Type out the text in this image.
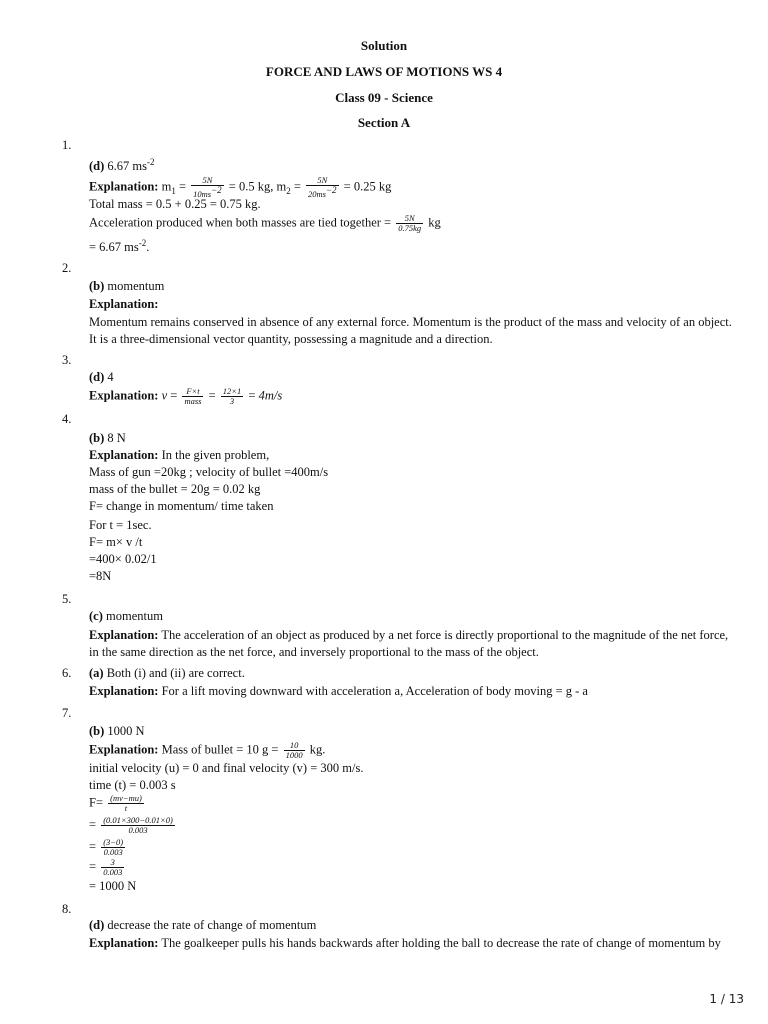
Solution
FORCE AND LAWS OF MOTIONS WS 4
Class 09 - Science
Section A
1.
(d) 6.67 $ms^{-2}$
Explanation: $m_1 = \frac{5N}{10ms^{-2}} = 0.5$ kg, $m_2 = \frac{5N}{20ms^{-2}} = 0.25$ kg
Total mass = 0.5 + 0.25 = 0.75 kg.
Acceleration produced when both masses are tied together = $\frac{5N}{0.75kg}$ kg
= 6.67 $ms^{-2}$.
2.
(b) momentum
Explanation:
Momentum remains conserved in absence of any external force. Momentum is the product of the mass and velocity of an object. It is a three-dimensional vector quantity, possessing a magnitude and a direction.
3.
(d) 4
Explanation: $v = \frac{F\times t}{\text{mass}} = \frac{12\times 1}{3} = 4m/s$
4.
(b) 8 N
Explanation: In the given problem,
Mass of gun =20kg ; velocity of bullet =400m/s
mass of the bullet = 20g = 0.02 kg
F= change in momentum/ time taken
For t = 1sec.
F= m× v /t
=400× 0.02/1
=8N
5.
(c) momentum
Explanation: The acceleration of an object as produced by a net force is directly proportional to the magnitude of the net force, in the same direction as the net force, and inversely proportional to the mass of the object.
6. (a) Both (i) and (ii) are correct.
Explanation: For a lift moving downward with acceleration a, Acceleration of body moving = g - a
7.
(b) 1000 N
Explanation: Mass of bullet = 10 $g = \frac{10}{1000}$ kg.
initial velocity (u) = 0 and final velocity (v) = 300 m/s.
time (t) = 0.003 s
$F= \frac{(mv-mu)}{t}$
= $\frac{(0.01\times 300-0.01\times 0)}{0.003}$
= $\frac{(3-0)}{0.003}$
= $\frac{3}{0.003}$
= 1000 N
8.
(d) decrease the rate of change of momentum
Explanation: The goalkeeper pulls his hands backwards after holding the ball to decrease the rate of change of momentum by
1 / 13
